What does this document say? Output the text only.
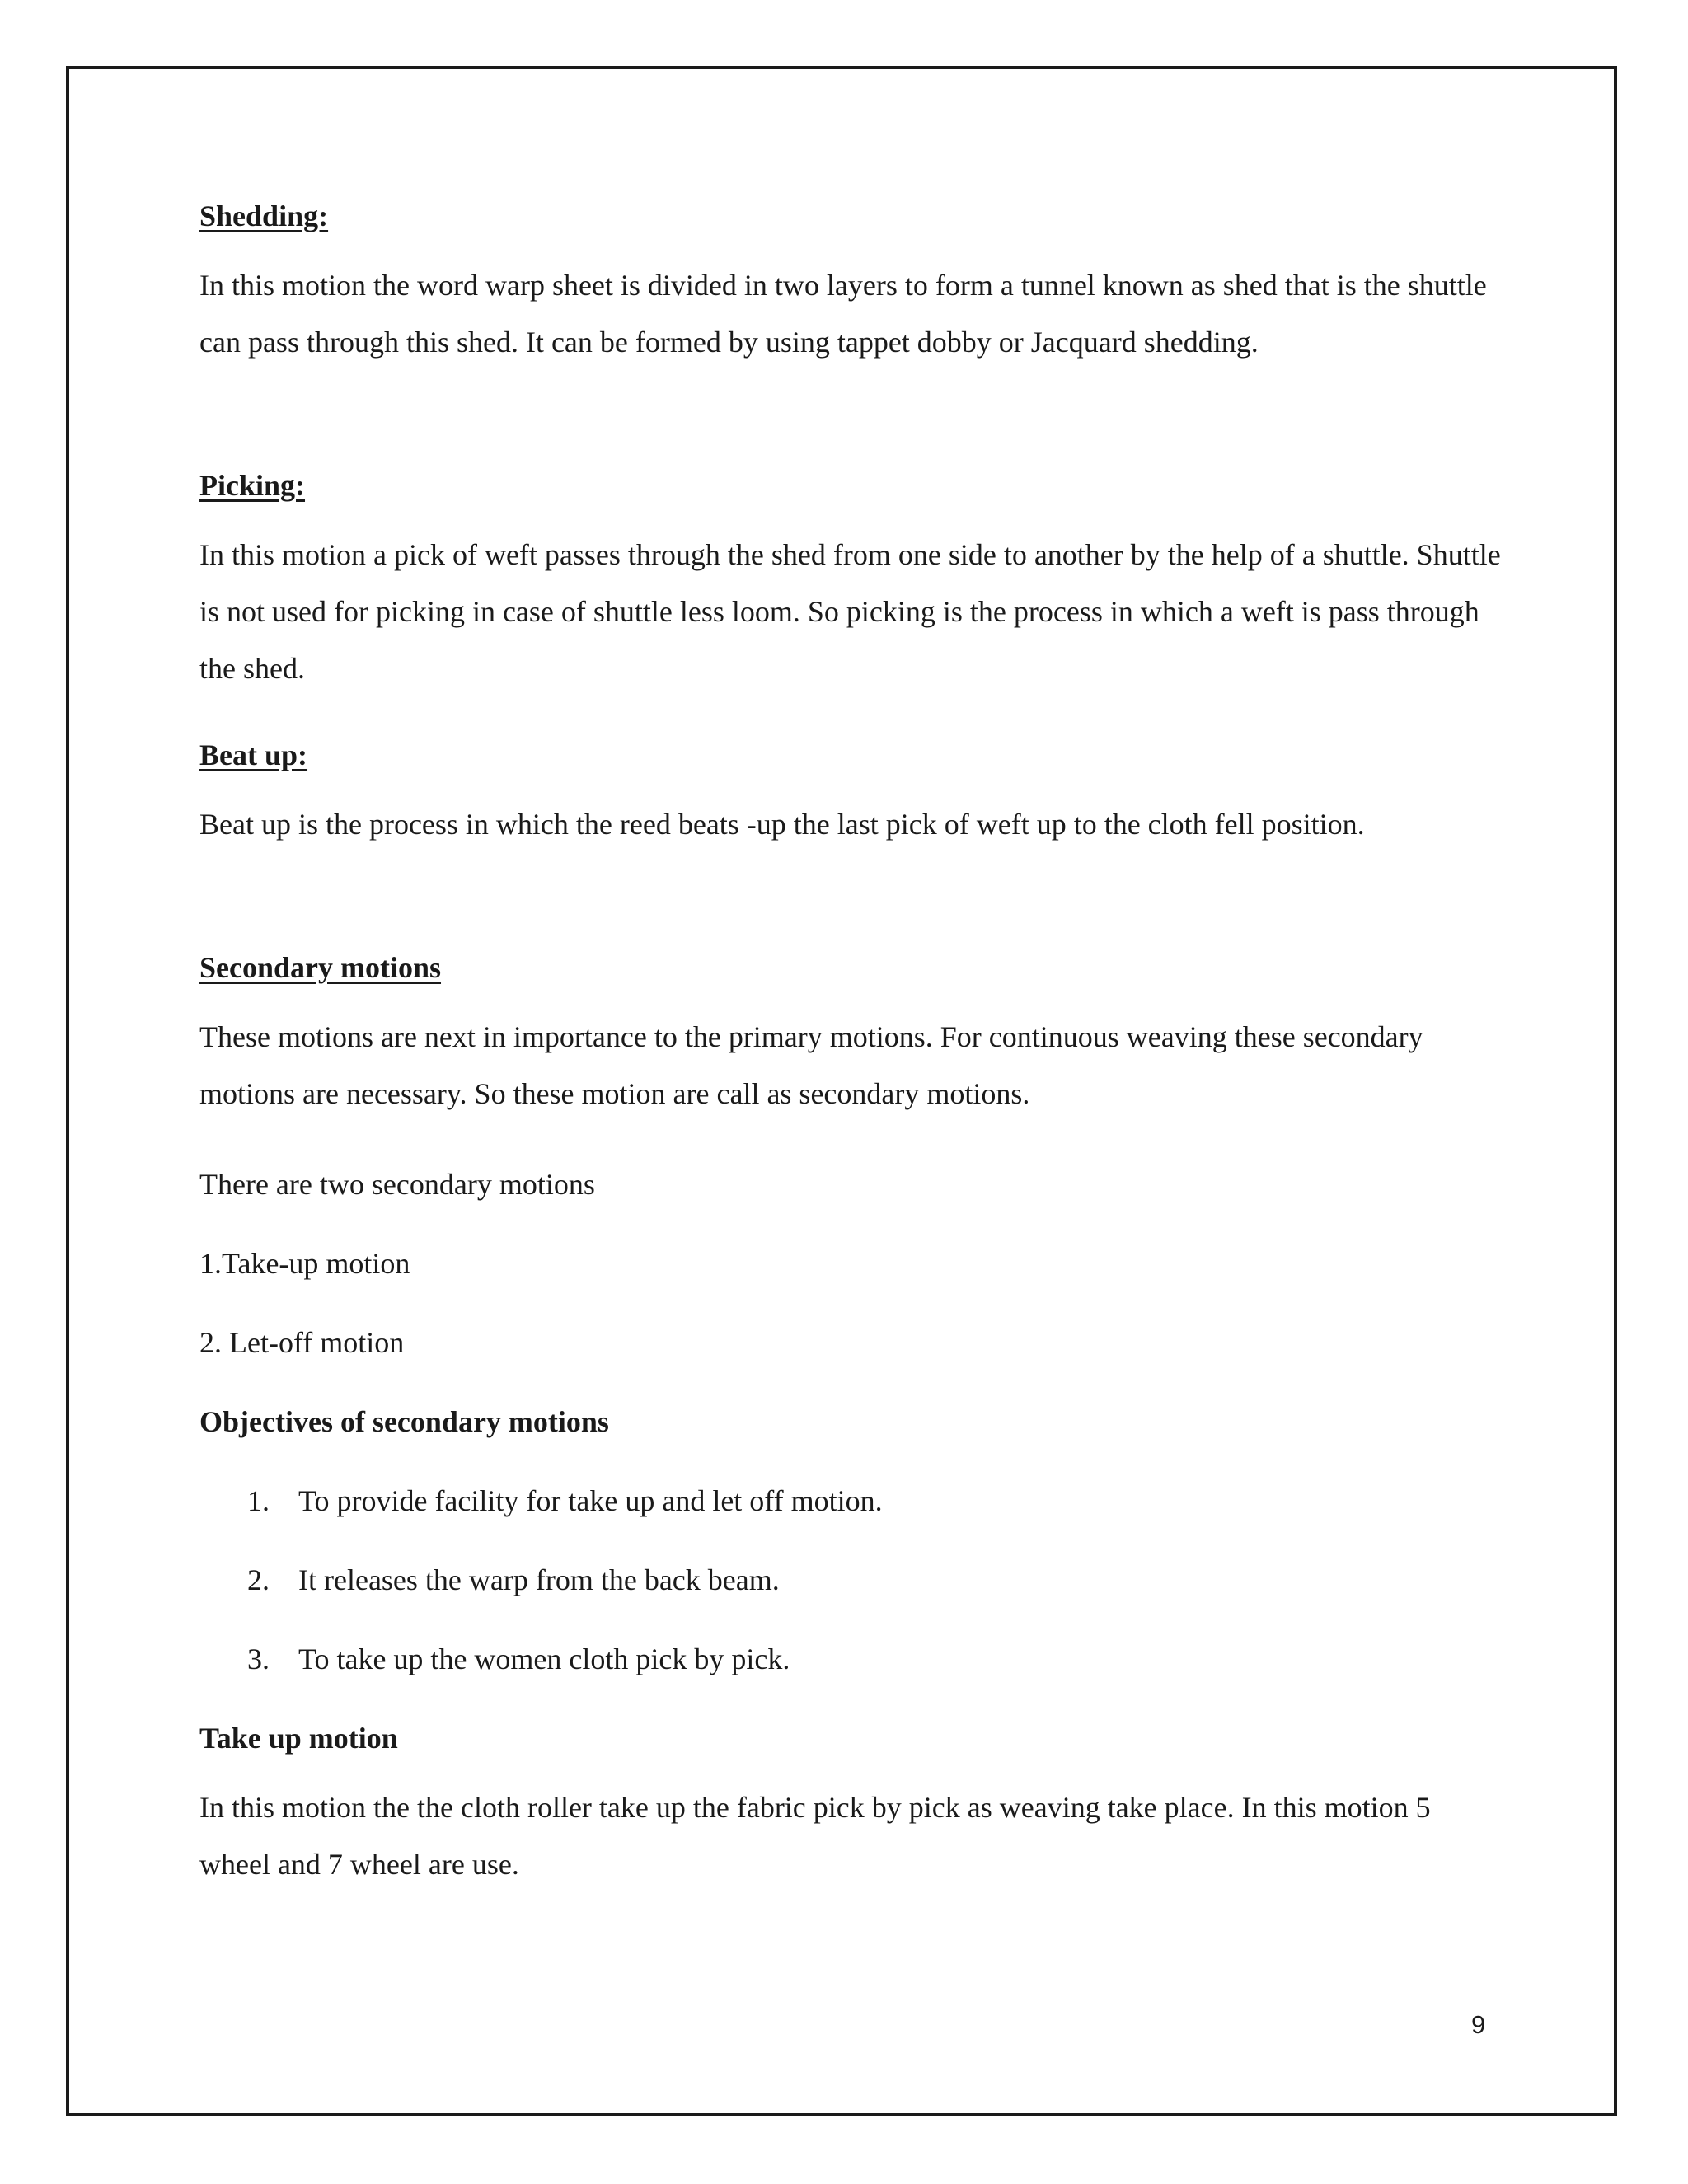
Shedding:
In this motion the word warp sheet is divided in two layers to form a tunnel known as shed that is the shuttle can pass through this shed. It can be formed by using tappet dobby or Jacquard shedding.
Picking:
In this motion a pick of weft passes through the shed from one side to another by the help of a shuttle. Shuttle is not used for picking in case of shuttle less loom. So picking is the process in which a weft is pass through the shed.
Beat up:
Beat up is the process in which the reed beats -up the last pick of weft up to the cloth fell position.
Secondary motions
These motions are next in importance to the primary motions. For continuous weaving these secondary motions are necessary. So these motion are call as secondary motions.
There are two secondary motions
1.Take-up motion
2. Let-off motion
Objectives of secondary motions
1. To provide facility for take up and let off motion.
2. It releases the warp from the back beam.
3. To take up the women cloth pick by pick.
Take up motion
In this motion the the cloth roller take up the fabric pick by pick as weaving take place. In this motion 5 wheel and 7 wheel are use.
9
